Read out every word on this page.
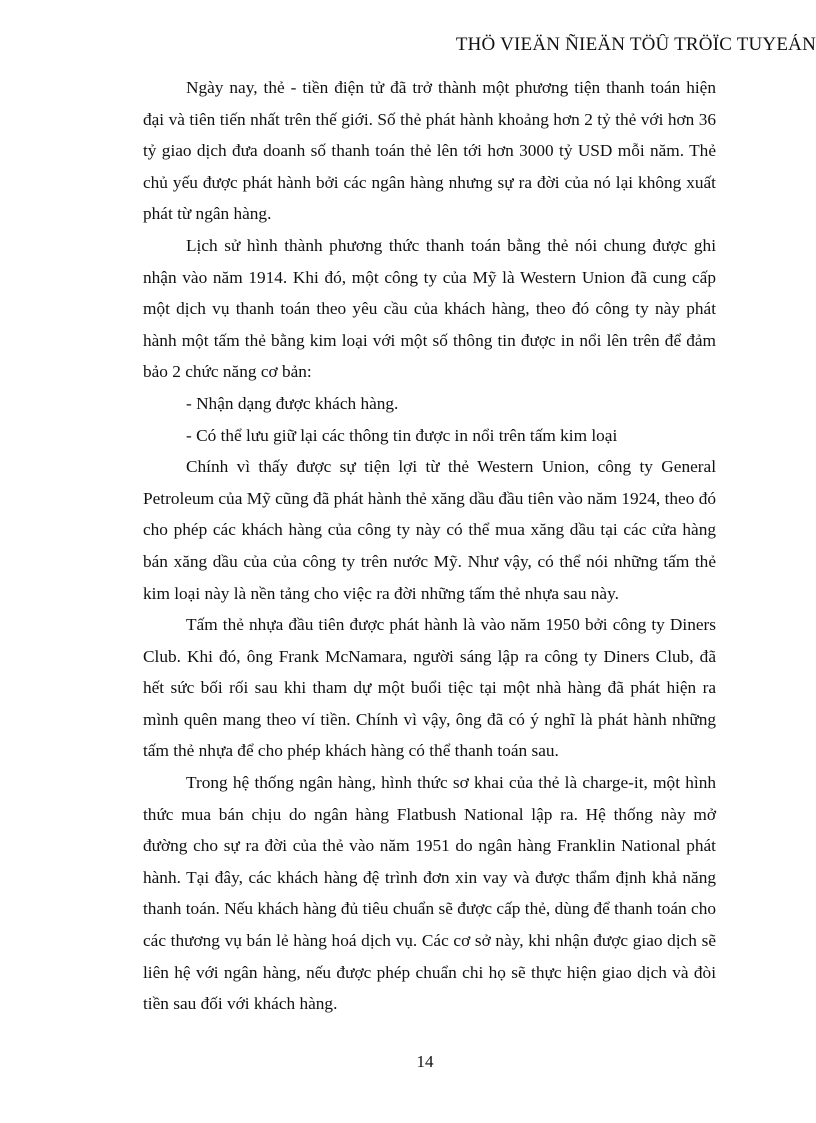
THÖ VIEÄN ÑIEÄN TÖÛ TRÖÏC TUYEÁN

Ngày nay, thẻ - tiền điện tử đã trở thành một phương tiện thanh toán hiện đại và tiên tiến nhất trên thế giới. Số thẻ phát hành khoảng hơn 2 tỷ thẻ với hơn 36 tỷ giao dịch đưa doanh số thanh toán thẻ lên tới hơn 3000 tỷ USD mỗi năm. Thẻ chủ yếu được phát hành bởi các ngân hàng nhưng sự ra đời của nó lại không xuất phát từ ngân hàng.

Lịch sử hình thành phương thức thanh toán bằng thẻ nói chung được ghi nhận vào năm 1914. Khi đó, một công ty của Mỹ là Western Union đã cung cấp một dịch vụ thanh toán theo yêu cầu của khách hàng, theo đó công ty này phát hành một tấm thẻ bằng kim loại với một số thông tin được in nổi lên trên để đảm bảo 2 chức năng cơ bản:

- Nhận dạng được khách hàng.

- Có thể lưu giữ lại các thông tin được in nổi trên tấm kim loại

Chính vì thấy được sự tiện lợi từ thẻ Western Union, công ty General Petroleum của Mỹ cũng đã phát hành thẻ xăng dầu đầu tiên vào năm 1924, theo đó cho phép các khách hàng của công ty này có thể mua xăng dầu tại các cửa hàng bán xăng dầu của của công ty trên nước Mỹ. Như vậy, có thể nói những tấm thẻ kim loại này là nền tảng cho việc ra đời những tấm thẻ nhựa sau này.

Tấm thẻ nhựa đầu tiên được phát hành là vào năm 1950 bởi công ty Diners Club. Khi đó, ông Frank McNamara, người sáng lập ra công ty Diners Club, đã hết sức bối rối sau khi tham dự một buổi tiệc tại một nhà hàng đã phát hiện ra mình quên mang theo ví tiền. Chính vì vậy, ông đã có ý nghĩ là phát hành những tấm thẻ nhựa để cho phép khách hàng có thể thanh toán sau.

Trong hệ thống ngân hàng, hình thức sơ khai của thẻ là charge-it, một hình thức mua bán chịu do ngân hàng Flatbush National lập ra. Hệ thống này mở đường cho sự ra đời của thẻ vào năm 1951 do ngân hàng Franklin National phát hành. Tại đây, các khách hàng đệ trình đơn xin vay và được thẩm định khả năng thanh toán. Nếu khách hàng đủ tiêu chuẩn sẽ được cấp thẻ, dùng để thanh toán cho các thương vụ bán lẻ hàng hoá dịch vụ. Các cơ sở này, khi nhận được giao dịch sẽ liên hệ với ngân hàng, nếu được phép chuẩn chi họ sẽ thực hiện giao dịch và đòi tiền sau đối với khách hàng.

14
